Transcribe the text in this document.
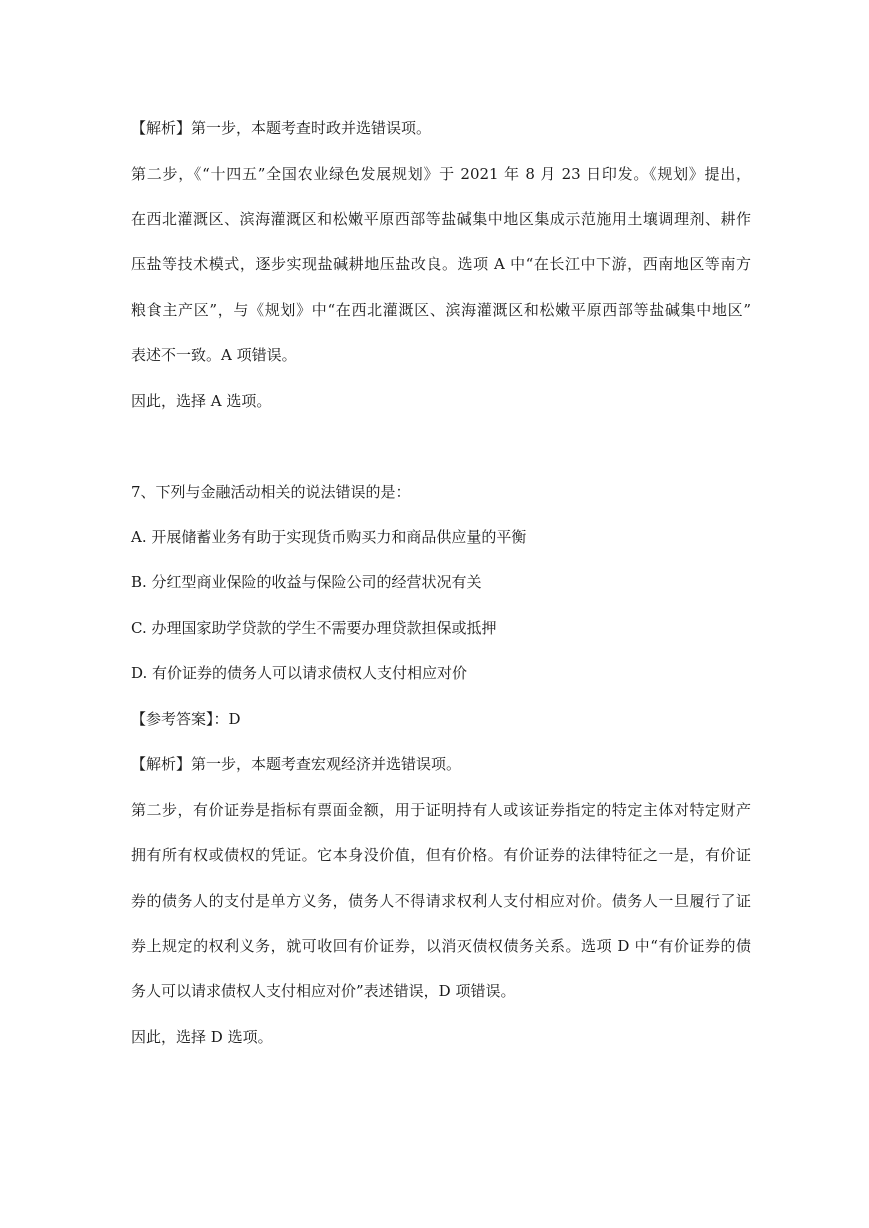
【解析】第一步，本题考查时政并选错误项。
第二步，《“十四五”全国农业绿色发展规划》于 2021 年 8 月 23 日印发。《规划》提出，
在西北灌溉区、滨海灌溉区和松嫩平原西部等盐碱集中地区集成示范施用土壤调理剂、耕作
压盐等技术模式，逐步实现盐碱耕地压盐改良。选项 A 中“在长江中下游，西南地区等南方
粮食主产区”，与《规划》中“在西北灌溉区、滨海灌溉区和松嫩平原西部等盐碱集中地区”
表述不一致。A 项错误。
因此，选择 A 选项。
7、下列与金融活动相关的说法错误的是：
A. 开展储蓄业务有助于实现货币购买力和商品供应量的平衡
B. 分红型商业保险的收益与保险公司的经营状况有关
C. 办理国家助学贷款的学生不需要办理贷款担保或抵押
D. 有价证券的债务人可以请求债权人支付相应对价
【参考答案】：D
【解析】第一步，本题考查宏观经济并选错误项。
第二步，有价证券是指标有票面金额，用于证明持有人或该证券指定的特定主体对特定财产
拥有所有权或债权的凭证。它本身没价值，但有价格。有价证券的法律特征之一是，有价证
券的债务人的支付是单方义务，债务人不得请求权利人支付相应对价。债务人一旦履行了证
券上规定的权利义务，就可收回有价证券，以消灭债权债务关系。选项 D 中“有价证券的债
务人可以请求债权人支付相应对价”表述错误，D 项错误。
因此，选择 D 选项。
